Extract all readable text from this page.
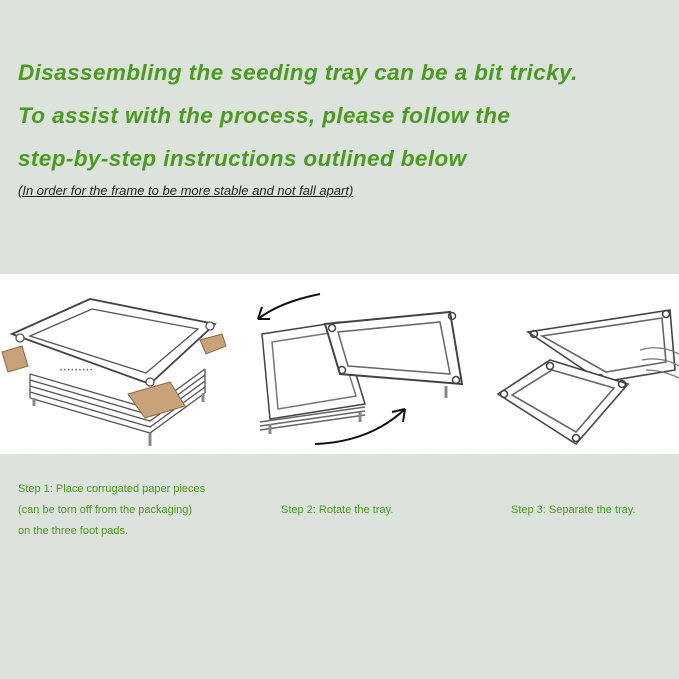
Disassembling the seeding tray can be a bit tricky.
To assist with the process, please follow the
step-by-step instructions outlined below

(In order for the frame to be more stable and not fall apart)

• • • • • • • • •

Step 1: Place corrugated paper pieces
(can be torn off from the packaging)
on the three foot pads.

Step 2: Rotate the tray.	Step 3: Separate the tray.
